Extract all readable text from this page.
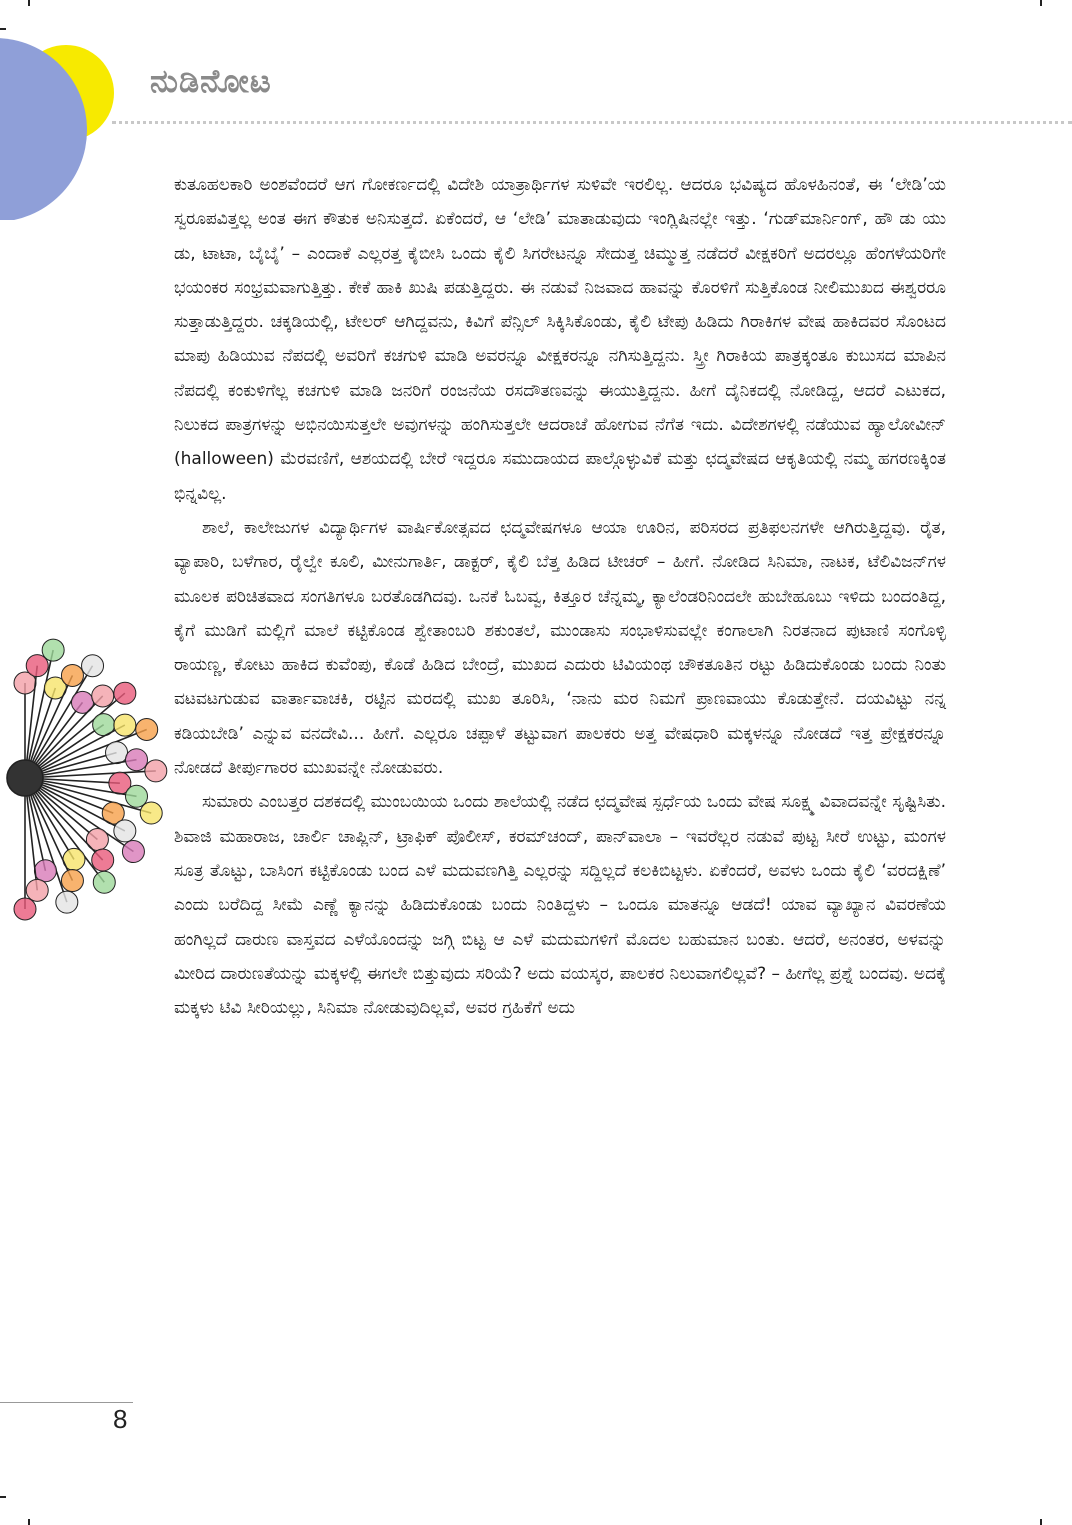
ನುಡಿನೋಟ

ಕುತೂಹಲಕಾರಿ ಅಂಶವೆಂದರೆ ಆಗ ಗೋಕರ್ಣದಲ್ಲಿ ವಿದೇಶಿ ಯಾತ್ರಾರ್ಥಿಗಳ ಸುಳಿವೇ ಇರಲಿಲ್ಲ. ಆದರೂ ಭವಿಷ್ಯದ ಹೊಳಹಿನಂತೆ, ಈ ‘ಲೇಡಿ’ಯ ಸ್ವರೂಪವಿತ್ತಲ್ಲ ಅಂತ ಈಗ ಕೌತುಕ ಅನಿಸುತ್ತದೆ. ಏಕೆಂದರೆ, ಆ ‘ಲೇಡಿ’ ಮಾತಾಡುವುದು ಇಂಗ್ಲಿಷಿನಲ್ಲೇ ಇತ್ತು. ‘ಗುಡ್‌ಮಾರ್ನಿಂಗ್, ಹೌ ಡು ಯು ಡು, ಟಾಟಾ, ಬೈಬೈ’ – ಎಂದಾಕೆ ಎಲ್ಲರತ್ತ ಕೈಬೀಸಿ ಒಂದು ಕೈಲಿ ಸಿಗರೇಟನ್ನೂ ಸೇದುತ್ತ ಚಿಮ್ಮುತ್ತ ನಡೆದರೆ ವೀಕ್ಷಕರಿಗೆ ಅದರಲ್ಲೂ ಹೆಂಗಳೆಯರಿಗೇ ಭಯಂಕರ ಸಂಭ್ರಮವಾಗುತ್ತಿತ್ತು. ಕೇಕೆ ಹಾಕಿ ಖುಷಿ ಪಡುತ್ತಿದ್ದರು. ಈ ನಡುವೆ ನಿಜವಾದ ಹಾವನ್ನು ಕೊರಳಿಗೆ ಸುತ್ತಿಕೊಂಡ ನೀಲಿಮುಖದ ಈಶ್ವರರೂ ಸುತ್ತಾಡುತ್ತಿದ್ದರು. ಚಕ್ಕಡಿಯಲ್ಲಿ, ಟೇಲರ್ ಆಗಿದ್ದವನು, ಕಿವಿಗೆ ಪೆನ್ಸಿಲ್ ಸಿಕ್ಕಿಸಿಕೊಂಡು, ಕೈಲಿ ಟೇಪು ಹಿಡಿದು ಗಿರಾಕಿಗಳ ವೇಷ ಹಾಕಿದವರ ಸೊಂಟದ ಮಾಪು ಹಿಡಿಯುವ ನೆಪದಲ್ಲಿ ಅವರಿಗೆ ಕಚಗುಳಿ ಮಾಡಿ ಅವರನ್ನೂ ವೀಕ್ಷಕರನ್ನೂ ನಗಿಸುತ್ತಿದ್ದನು. ಸ್ತ್ರೀ ಗಿರಾಕಿಯ ಪಾತ್ರಕ್ಕಂತೂ ಕುಬುಸದ ಮಾಪಿನ ನೆಪದಲ್ಲಿ ಕಂಕುಳಿಗೆಲ್ಲ ಕಚಗುಳಿ ಮಾಡಿ ಜನರಿಗೆ ರಂಜನೆಯ ರಸದೌತಣವನ್ನು ಈಯುತ್ತಿದ್ದನು. ಹೀಗೆ ದೈನಿಕದಲ್ಲಿ ನೋಡಿದ್ದ, ಆದರೆ ಎಟುಕದ, ನಿಲುಕದ ಪಾತ್ರಗಳನ್ನು ಅಭಿನಯಿಸುತ್ತಲೇ ಅವುಗಳನ್ನು ಹಂಗಿಸುತ್ತಲೇ ಆದರಾಚೆ ಹೋಗುವ ನೆಗೆತ ಇದು. ವಿದೇಶಗಳಲ್ಲಿ ನಡೆಯುವ ಹ್ಯಾಲೋವೀನ್ (halloween) ಮೆರವಣಿಗೆ, ಆಶಯದಲ್ಲಿ ಬೇರೆ ಇದ್ದರೂ ಸಮುದಾಯದ ಪಾಲ್ಗೊಳ್ಳುವಿಕೆ ಮತ್ತು ಛದ್ಮವೇಷದ ಆಕೃತಿಯಲ್ಲಿ ನಮ್ಮ ಹಗರಣಕ್ಕಿಂತ ಭಿನ್ನವಿಲ್ಲ.

ಶಾಲೆ, ಕಾಲೇಜುಗಳ ವಿದ್ಯಾರ್ಥಿಗಳ ವಾರ್ಷಿಕೋತ್ಸವದ ಛದ್ಮವೇಷಗಳೂ ಆಯಾ ಊರಿನ, ಪರಿಸರದ ಪ್ರತಿಫಲನಗಳೇ ಆಗಿರುತ್ತಿದ್ದವು. ರೈತ, ವ್ಯಾಪಾರಿ, ಬಳೆಗಾರ, ರೈಲ್ವೇ ಕೂಲಿ, ಮೀನುಗಾರ್ತಿ, ಡಾಕ್ಟರ್, ಕೈಲಿ ಬೆತ್ತ ಹಿಡಿದ ಟೀಚರ್ – ಹೀಗೆ. ನೋಡಿದ ಸಿನಿಮಾ, ನಾಟಕ, ಟೆಲಿವಿಜನ್‌ಗಳ ಮೂಲಕ ಪರಿಚಿತವಾದ ಸಂಗತಿಗಳೂ ಬರತೊಡಗಿದವು. ಒನಕೆ ಓಬವ್ವ, ಕಿತ್ತೂರ ಚೆನ್ನಮ್ಮ, ಕ್ಯಾಲೆಂಡರಿನಿಂದಲೇ ಹುಬೇಹೂಬು ಇಳಿದು ಬಂದಂತಿದ್ದ, ಕೈಗೆ ಮುಡಿಗೆ ಮಲ್ಲಿಗೆ ಮಾಲೆ ಕಟ್ಟಿಕೊಂಡ ಶ್ವೇತಾಂಬರಿ ಶಕುಂತಲೆ, ಮುಂಡಾಸು ಸಂಭಾಳಿಸುವಲ್ಲೇ ಕಂಗಾಲಾಗಿ ನಿರತನಾದ ಪುಟಾಣಿ ಸಂಗೊಳ್ಳಿ ರಾಯಣ್ಣ, ಕೋಟು ಹಾಕಿದ ಕುವೆಂಪು, ಕೊಡೆ ಹಿಡಿದ ಬೇಂದ್ರೆ, ಮುಖದ ಎದುರು ಟಿವಿಯಂಥ ಚೌಕತೂತಿನ ರಟ್ಟು ಹಿಡಿದುಕೊಂಡು ಬಂದು ನಿಂತು ವಟವಟಗುಡುವ ವಾರ್ತಾವಾಚಕಿ, ರಟ್ಟಿನ ಮರದಲ್ಲಿ ಮುಖ ತೂರಿಸಿ, ‘ನಾನು ಮರ ನಿಮಗೆ ಪ್ರಾಣವಾಯು ಕೊಡುತ್ತೇನೆ. ದಯವಿಟ್ಟು ನನ್ನ ಕಡಿಯಬೇಡಿ’ ಎನ್ನುವ ವನದೇವಿ... ಹೀಗೆ. ಎಲ್ಲರೂ ಚಪ್ಪಾಳೆ ತಟ್ಟುವಾಗ ಪಾಲಕರು ಅತ್ತ ವೇಷಧಾರಿ ಮಕ್ಕಳನ್ನೂ ನೋಡದೆ ಇತ್ತ ಪ್ರೇಕ್ಷಕರನ್ನೂ ನೋಡದೆ ತೀರ್ಪುಗಾರರ ಮುಖವನ್ನೇ ನೋಡುವರು.

ಸುಮಾರು ಎಂಬತ್ತರ ದಶಕದಲ್ಲಿ ಮುಂಬಯಿಯ ಒಂದು ಶಾಲೆಯಲ್ಲಿ ನಡೆದ ಛದ್ಮವೇಷ ಸ್ಪರ್ಧೆಯ ಒಂದು ವೇಷ ಸೂಕ್ಷ್ಮ ವಿವಾದವನ್ನೇ ಸೃಷ್ಟಿಸಿತು. ಶಿವಾಜಿ ಮಹಾರಾಜ, ಚಾರ್ಲಿ ಚಾಪ್ಲಿನ್, ಟ್ರಾಫಿಕ್ ಪೊಲೀಸ್, ಕರಮ್‌ಚಂದ್, ಪಾನ್‌ವಾಲಾ – ಇವರೆಲ್ಲರ ನಡುವೆ ಪುಟ್ಟ ಸೀರೆ ಉಟ್ಟು, ಮಂಗಳ ಸೂತ್ರ ತೊಟ್ಟು, ಬಾಸಿಂಗ ಕಟ್ಟಿಕೊಂಡು ಬಂದ ಎಳೆ ಮದುವಣಗಿತ್ತಿ ಎಲ್ಲರನ್ನು ಸದ್ದಿಲ್ಲದೆ ಕಲಕಿಬಿಟ್ಟಳು. ಏಕೆಂದರೆ, ಅವಳು ಒಂದು ಕೈಲಿ ‘ವರದಕ್ಷಿಣೆ’ ಎಂದು ಬರೆದಿದ್ದ ಸೀಮೆ ಎಣ್ಣೆ ಕ್ಯಾನನ್ನು ಹಿಡಿದುಕೊಂಡು ಬಂದು ನಿಂತಿದ್ದಳು – ಒಂದೂ ಮಾತನ್ನೂ ಆಡದೆ! ಯಾವ ವ್ಯಾಖ್ಯಾನ ವಿವರಣೆಯ ಹಂಗಿಲ್ಲದೆ ದಾರುಣ ವಾಸ್ತವದ ಎಳೆಯೊಂದನ್ನು ಜಗ್ಗಿ ಬಿಟ್ಟ ಆ ಎಳೆ ಮದುಮಗಳಿಗೆ ಮೊದಲ ಬಹುಮಾನ ಬಂತು. ಆದರೆ, ಅನಂತರ, ಅಳವನ್ನು ಮೀರಿದ ದಾರುಣತೆಯನ್ನು ಮಕ್ಕಳಲ್ಲಿ ಈಗಲೇ ಬಿತ್ತುವುದು ಸರಿಯೆ? ಅದು ವಯಸ್ಕರ, ಪಾಲಕರ ನಿಲುವಾಗಲಿಲ್ಲವೆ? – ಹೀಗೆಲ್ಲ ಪ್ರಶ್ನೆ ಬಂದವು. ಅದಕ್ಕೆ ಮಕ್ಕಳು ಟಿವಿ ಸೀರಿಯಲ್ಲು, ಸಿನಿಮಾ ನೋಡುವುದಿಲ್ಲವೆ, ಅವರ ಗ್ರಹಿಕೆಗೆ ಅದು

8
